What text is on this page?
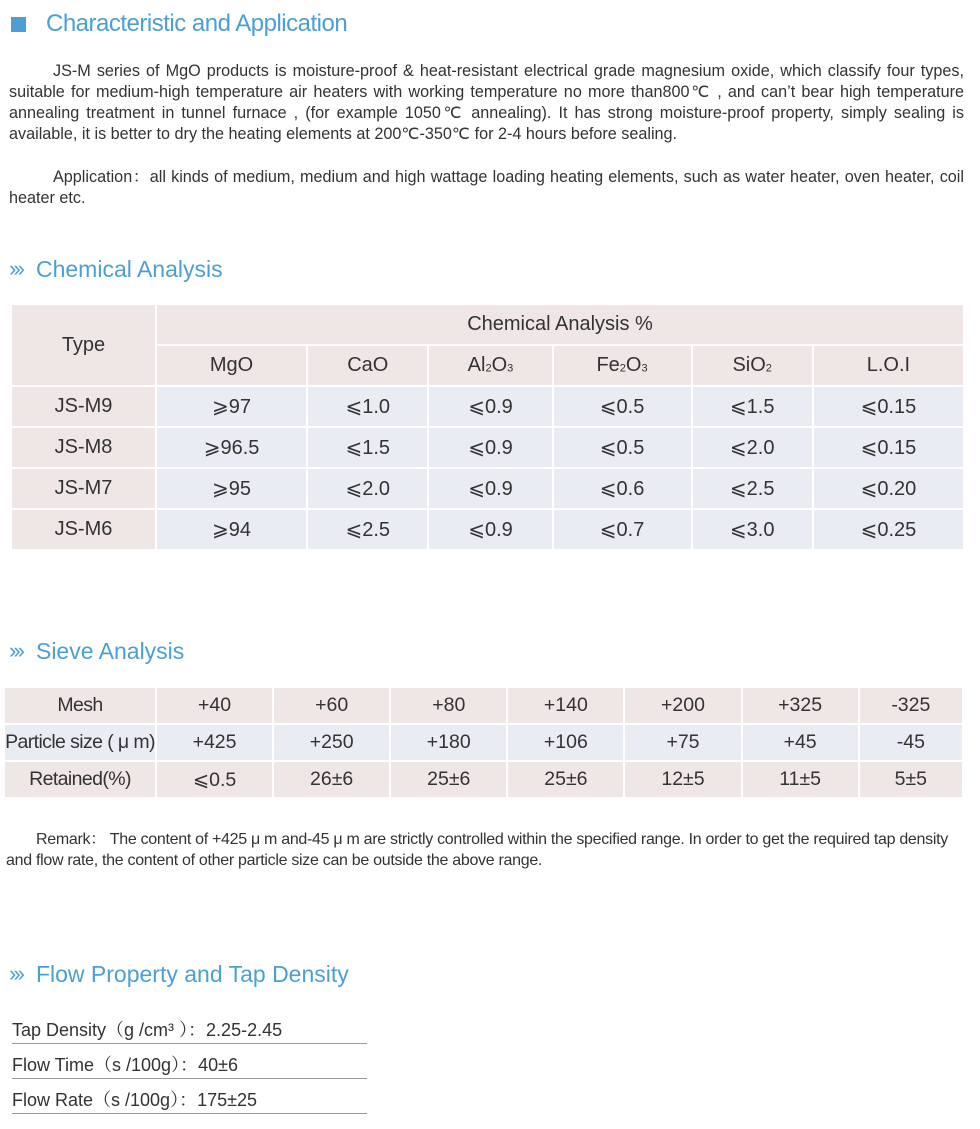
Characteristic and Application
JS-M series of MgO products is moisture-proof & heat-resistant electrical grade magnesium oxide, which classify four types, suitable for medium-high temperature air heaters with working temperature no more than800℃ , and can’t bear high temperature annealing treatment in tunnel furnace , (for example 1050℃ annealing). It has strong moisture-proof property, simply sealing is available, it is better to dry the heating elements at 200℃-350℃ for 2-4 hours before sealing.
Application：all kinds of medium, medium and high wattage loading heating elements, such as water heater, oven heater, coil heater etc.
››› Chemical Analysis
Type	Chemical Analysis %					
	MgO	CaO	$Al_2O_3$	$Fe_2O_3$	SiO$_2$	L.O.I
JS-M9	⩾97	⩽1.0	⩽0.9	⩽0.5	⩽1.5	⩽0.15
JS-M8	⩾96.5	⩽1.5	⩽0.9	⩽0.5	⩽2.0	⩽0.15
JS-M7	⩾95	⩽2.0	⩽0.9	⩽0.6	⩽2.5	⩽0.20
JS-M6	⩾94	⩽2.5	⩽0.9	⩽0.7	⩽3.0	⩽0.25
››› Sieve Analysis
Mesh	+40	+60	+80	+140	+200	+325	-325
Particle size ( μ m)	+425	+250	+180	+106	+75	+45	-45
Retained(%)	⩽0.5	26±6	25±6	25±6	12±5	11±5	5±5
Remark： The content of +425 μ m and-45 μ m are strictly controlled within the specified range. In order to get the required tap density and flow rate, the content of other particle size can be outside the above range.
››› Flow Property and Tap Density
Tap Density（g /cm³ ）：2.25-2.45
Flow Time（s /100g）：40±6
Flow Rate（s /100g）：175±25
